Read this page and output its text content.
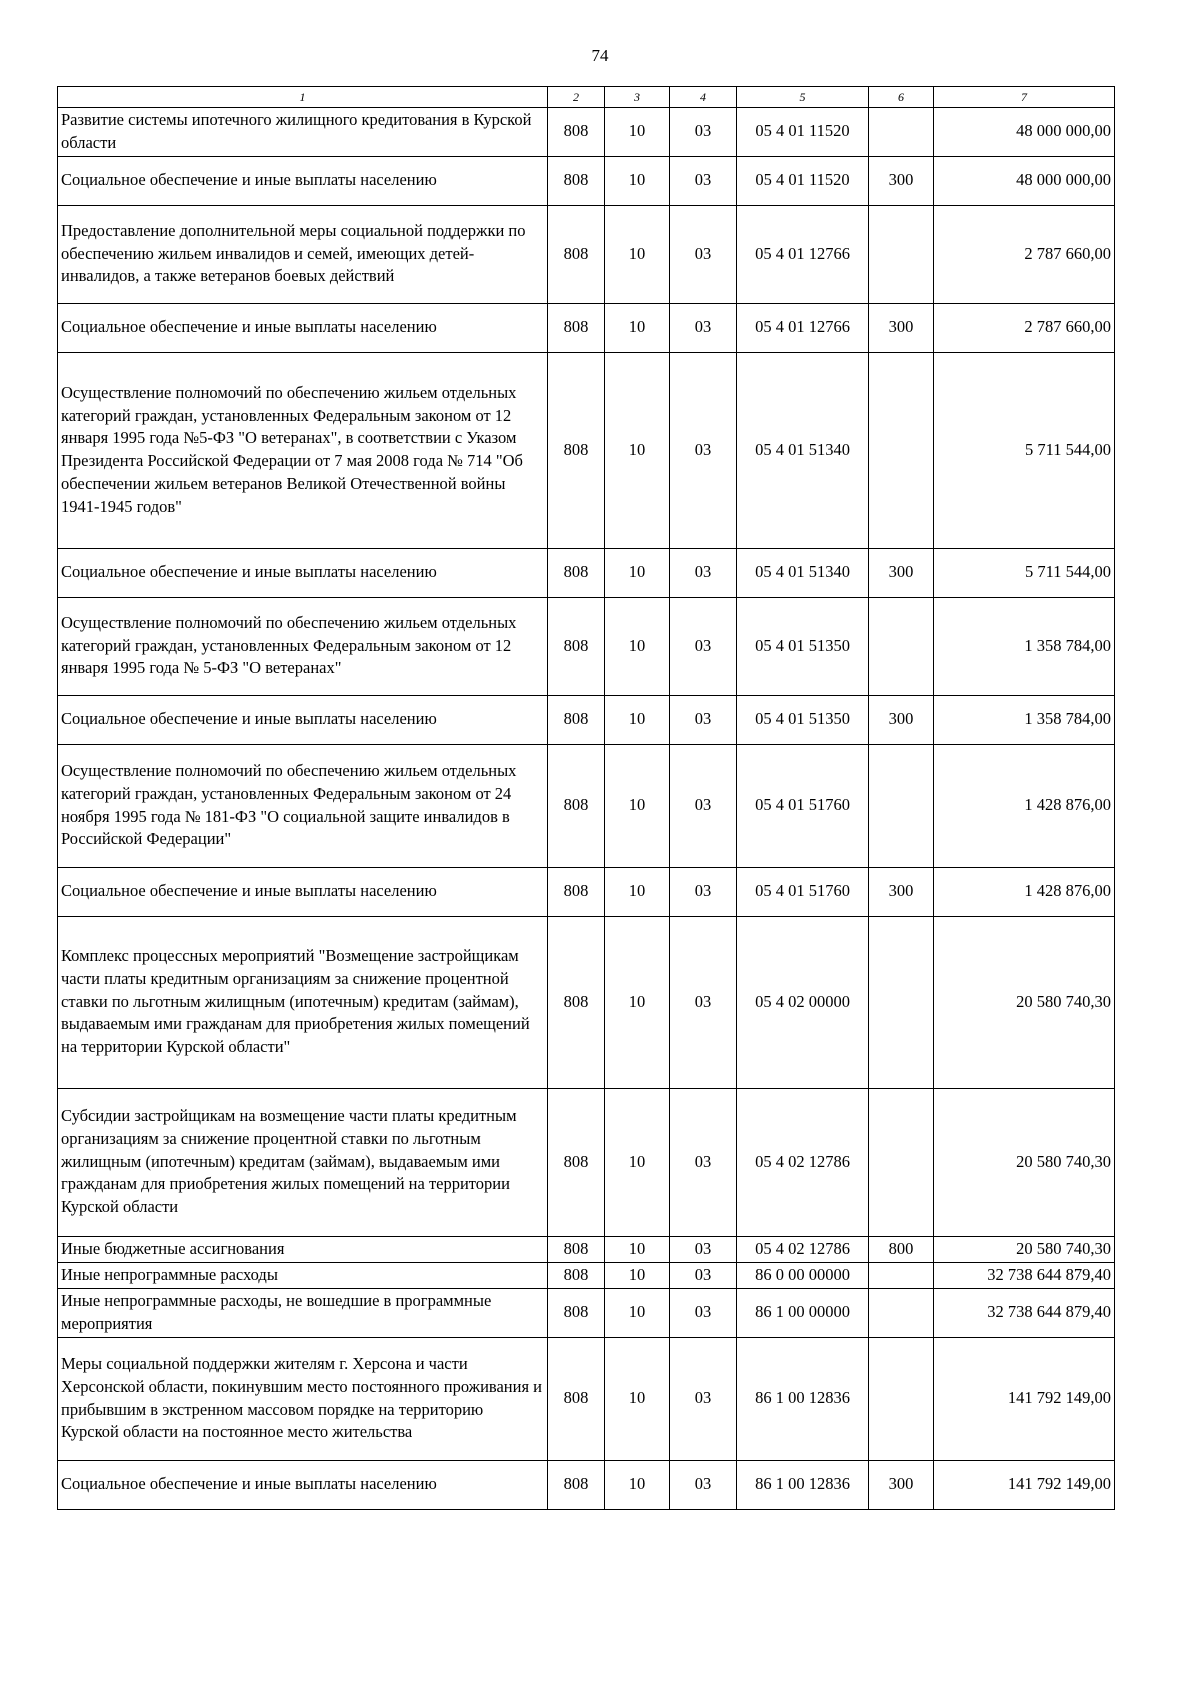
74
1	2	3	4	5	6	7
Развитие системы ипотечного жилищного кредитования в Курской области	808	10	03	05 4 01 11520		48 000 000,00
Социальное обеспечение и иные выплаты населению	808	10	03	05 4 01 11520	300	48 000 000,00
Предоставление дополнительной меры социальной поддержки по обеспечению жильем инвалидов и семей, имеющих детей-инвалидов, а также ветеранов боевых действий	808	10	03	05 4 01 12766		2 787 660,00
Социальное обеспечение и иные выплаты населению	808	10	03	05 4 01 12766	300	2 787 660,00
Осуществление полномочий по обеспечению жильем отдельных категорий граждан, установленных Федеральным законом от 12 января 1995 года №5-ФЗ "О ветеранах", в соответствии с Указом Президента Российской Федерации от 7 мая 2008 года № 714 "Об обеспечении жильем ветеранов Великой Отечественной войны 1941-1945 годов"	808	10	03	05 4 01 51340		5 711 544,00
Социальное обеспечение и иные выплаты населению	808	10	03	05 4 01 51340	300	5 711 544,00
Осуществление полномочий по обеспечению жильем отдельных категорий граждан, установленных Федеральным законом от 12 января 1995 года № 5-ФЗ "О ветеранах"	808	10	03	05 4 01 51350		1 358 784,00
Социальное обеспечение и иные выплаты населению	808	10	03	05 4 01 51350	300	1 358 784,00
Осуществление полномочий по обеспечению жильем отдельных категорий граждан, установленных Федеральным законом от 24 ноября 1995 года № 181-ФЗ "О социальной защите инвалидов в Российской Федерации"	808	10	03	05 4 01 51760		1 428 876,00
Социальное обеспечение и иные выплаты населению	808	10	03	05 4 01 51760	300	1 428 876,00
Комплекс процессных мероприятий "Возмещение застройщикам части платы кредитным организациям за снижение процентной ставки по льготным жилищным (ипотечным) кредитам (займам), выдаваемым ими гражданам для приобретения жилых помещений на территории Курской области"	808	10	03	05 4 02 00000		20 580 740,30
Субсидии застройщикам на возмещение части платы кредитным организациям за снижение процентной ставки по льготным жилищным (ипотечным) кредитам (займам), выдаваемым ими гражданам для приобретения жилых помещений на территории Курской области	808	10	03	05 4 02 12786		20 580 740,30
Иные бюджетные ассигнования	808	10	03	05 4 02 12786	800	20 580 740,30
Иные непрограммные расходы	808	10	03	86 0 00 00000		32 738 644 879,40
Иные непрограммные расходы, не вошедшие в программные мероприятия	808	10	03	86 1 00 00000		32 738 644 879,40
Меры социальной поддержки жителям г. Херсона и части Херсонской области, покинувшим место постоянного проживания и прибывшим в экстренном массовом порядке на территорию Курской области на постоянное место жительства	808	10	03	86 1 00 12836		141 792 149,00
Социальное обеспечение и иные выплаты населению	808	10	03	86 1 00 12836	300	141 792 149,00
